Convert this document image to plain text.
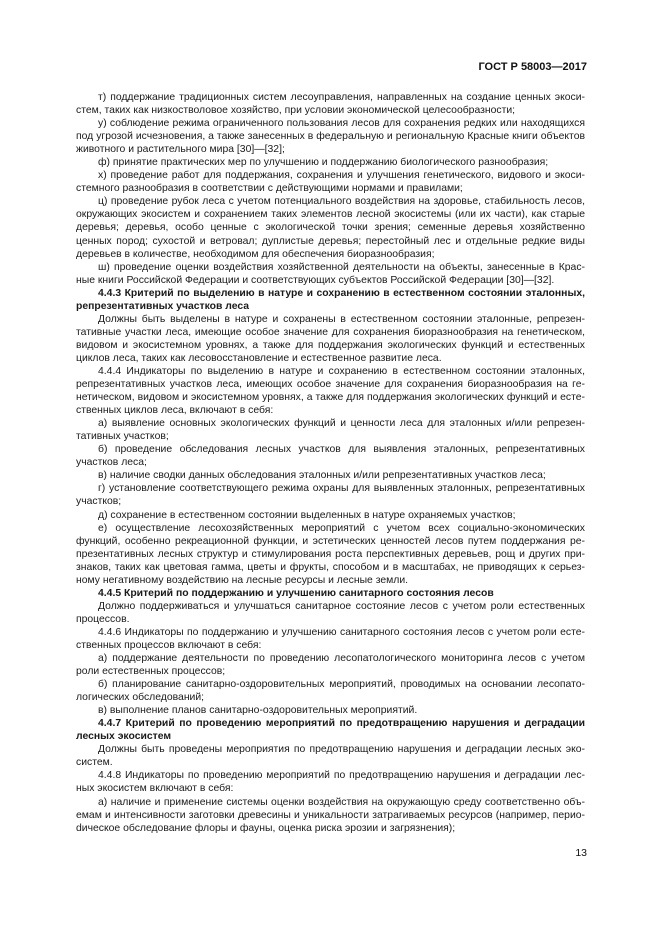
ГОСТ Р 58003—2017

т) поддержание традиционных систем лесоуправления, направленных на создание ценных экосистем, таких как низкостволовое хозяйство, при условии экономической целесообразности;

у) соблюдение режима ограниченного пользования лесов для сохранения редких или находящихся под угрозой исчезновения, а также занесенных в федеральную и региональную Красные книги объектов животного и растительного мира [30]—[32];

ф) принятие практических мер по улучшению и поддержанию биологического разнообразия;

х) проведение работ для поддержания, сохранения и улучшения генетического, видового и экосистемного разнообразия в соответствии с действующими нормами и правилами;

ц) проведение рубок леса с учетом потенциального воздействия на здоровье, стабильность лесов, окружающих экосистем и сохранением таких элементов лесной экосистемы (или их части), как старые деревья; деревья, особо ценные с экологической точки зрения; семенные деревья хозяйственно ценных пород; сухостой и ветровал; дуплистые деревья; перестойный лес и отдельные редкие виды деревьев в количестве, необходимом для обеспечения биоразнообразия;

ш) проведение оценки воздействия хозяйственной деятельности на объекты, занесенные в Красные книги Российской Федерации и соответствующих субъектов Российской Федерации [30]—[32].

4.4.3 Критерий по выделению в натуре и сохранению в естественном состоянии эталонных, репрезентативных участков леса

Должны быть выделены в натуре и сохранены в естественном состоянии эталонные, репрезентативные участки леса, имеющие особое значение для сохранения биоразнообразия на генетическом, видовом и экосистемном уровнях, а также для поддержания экологических функций и естественных циклов леса, таких как лесовосстановление и естественное развитие леса.

4.4.4 Индикаторы по выделению в натуре и сохранению в естественном состоянии эталонных, репрезентативных участков леса, имеющих особое значение для сохранения биоразнообразия на генетическом, видовом и экосистемном уровнях, а также для поддержания экологических функций и естественных циклов леса, включают в себя:

а) выявление основных экологических функций и ценности леса для эталонных и/или репрезентативных участков;

б) проведение обследования лесных участков для выявления эталонных, репрезентативных участков леса;

в) наличие сводки данных обследования эталонных и/или репрезентативных участков леса;

г) установление соответствующего режима охраны для выявленных эталонных, репрезентативных участков;

д) сохранение в естественном состоянии выделенных в натуре охраняемых участков;

е) осуществление лесохозяйственных мероприятий с учетом всех социально-экономических функций, особенно рекреационной функции, и эстетических ценностей лесов путем поддержания репрезентативных лесных структур и стимулирования роста перспективных деревьев, рощ и других признаков, таких как цветовая гамма, цветы и фрукты, способом и в масштабах, не приводящих к серьезному негативному воздействию на лесные ресурсы и лесные земли.

4.4.5 Критерий по поддержанию и улучшению санитарного состояния лесов

Должно поддерживаться и улучшаться санитарное состояние лесов с учетом роли естественных процессов.

4.4.6 Индикаторы по поддержанию и улучшению санитарного состояния лесов с учетом роли естественных процессов включают в себя:

а) поддержание деятельности по проведению лесопатологического мониторинга лесов с учетом роли естественных процессов;

б) планирование санитарно-оздоровительных мероприятий, проводимых на основании лесопатологических обследований;

в) выполнение планов санитарно-оздоровительных мероприятий.

4.4.7 Критерий по проведению мероприятий по предотвращению нарушения и деградации лесных экосистем

Должны быть проведены мероприятия по предотвращению нарушения и деградации лесных экосистем.

4.4.8 Индикаторы по проведению мероприятий по предотвращению нарушения и деградации лесных экосистем включают в себя:

а) наличие и применение системы оценки воздействия на окружающую среду соответственно объемам и интенсивности заготовки древесины и уникальности затрагиваемых ресурсов (например, периоdическое обследование флоры и фауны, оценка риска эрозии и загрязнения);

13
